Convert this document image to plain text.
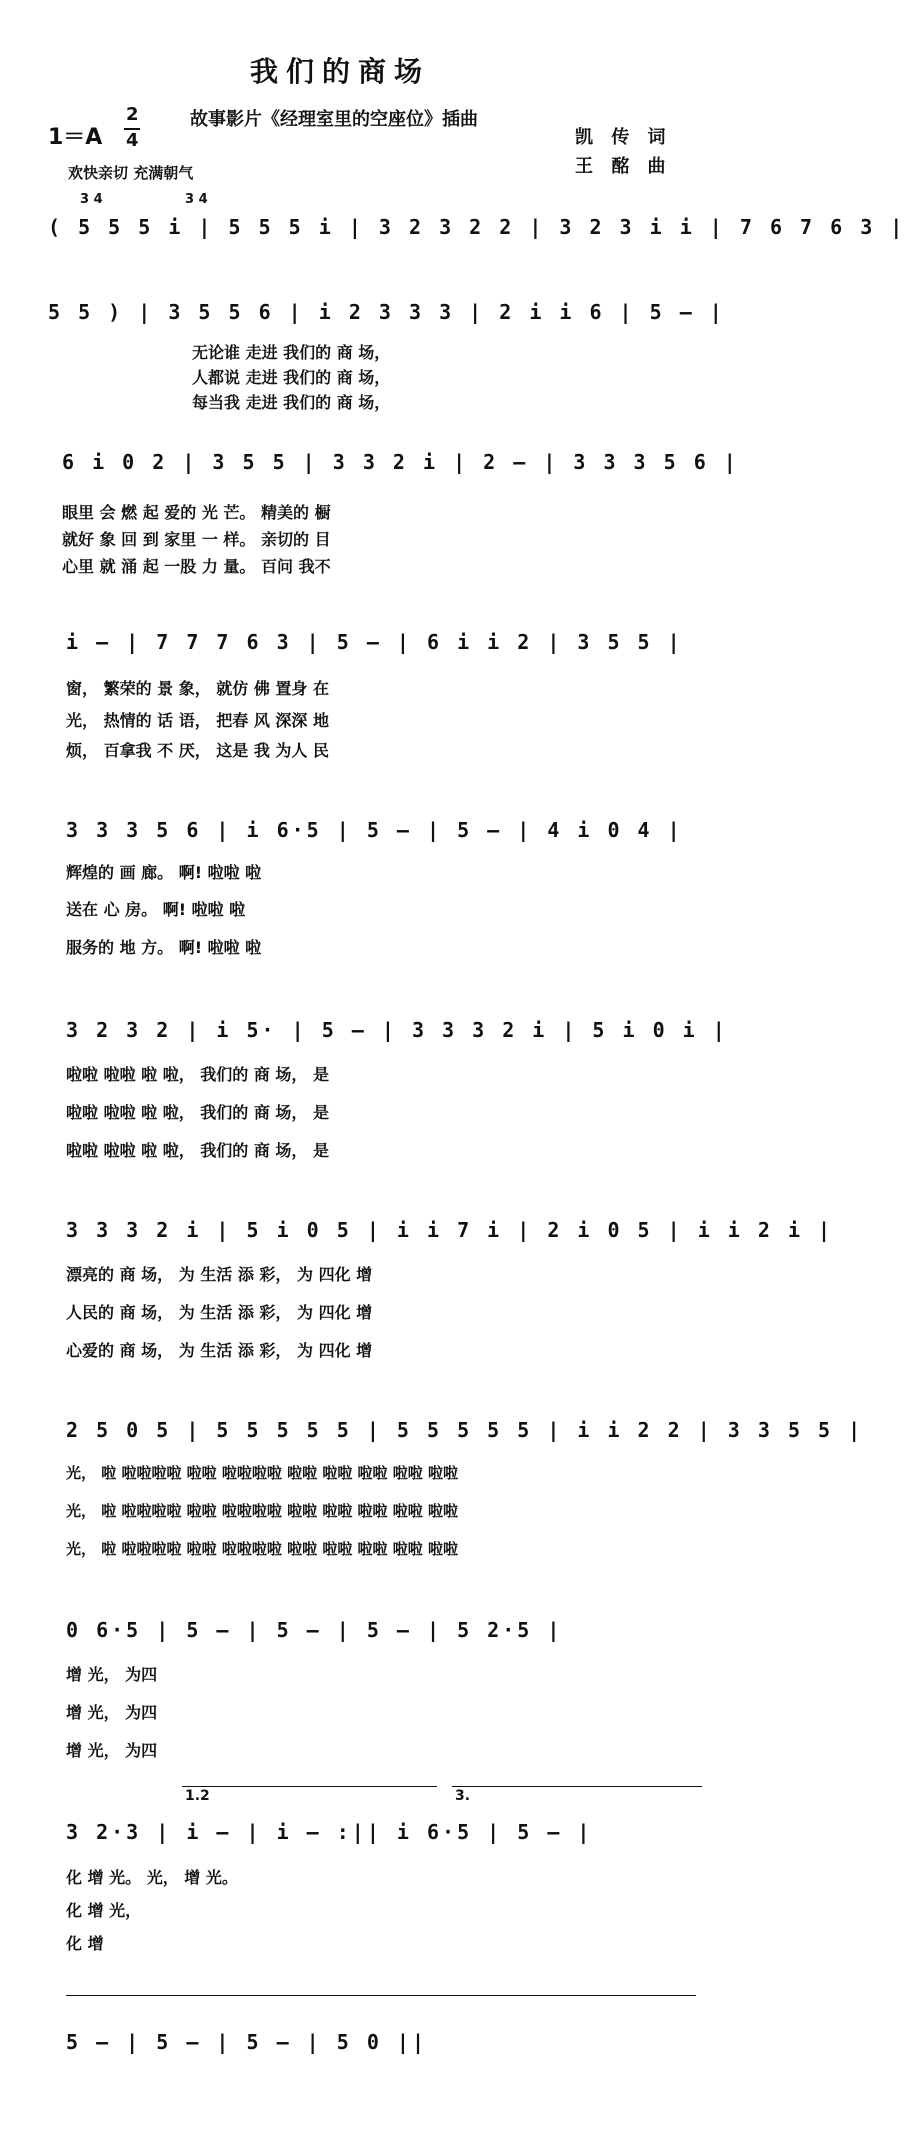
我们的商场
1＝A
2
4
故事影片《经理室里的空座位》插曲
凯 传 词
王 酩 曲
欢快亲切 充满朝气
( 5 5 5 i | 5 5 5 i | 3 2 3 2 2 | 3 2 3 i i | 7 6 7 6 3 |
3 4	3 4
5 5 ) | 3 5 5 6 | i 2 3 3 3 | 2 i i 6 | 5 — |
无论谁 走进 我们的 商 场，
人都说 走进 我们的 商 场，
每当我 走进 我们的 商 场，
6 i 0 2 | 3 5 5 | 3 3 2 i | 2 — | 3 3 3 5 6 |
眼里 会 燃 起 爱的 光 芒。 精美的 橱
就好 象 回 到 家里 一 样。 亲切的 目
心里 就 涌 起 一股 力 量。 百问 我不
i — | 7 7 7 6 3 | 5 — | 6 i i 2 | 3 5 5 |
窗， 繁荣的 景 象， 就仿 佛 置身 在
光， 热情的 话 语， 把春 风 深深 地
烦， 百拿我 不 厌， 这是 我 为人 民
3 3 3 5 6 | i 6·5 | 5 — | 5 — | 4 i 0 4 |
辉煌的 画 廊。 啊! 啦啦 啦
送在 心 房。 啊! 啦啦 啦
服务的 地 方。 啊! 啦啦 啦
3 2 3 2 | i 5· | 5 — | 3 3 3 2 i | 5 i 0 i |
啦啦 啦啦 啦 啦， 我们的 商 场， 是
啦啦 啦啦 啦 啦， 我们的 商 场， 是
啦啦 啦啦 啦 啦， 我们的 商 场， 是
3 3 3 2 i | 5 i 0 5 | i i 7 i | 2 i 0 5 | i i 2 i |
漂亮的 商 场， 为 生活 添 彩， 为 四化 增
人民的 商 场， 为 生活 添 彩， 为 四化 增
心爱的 商 场， 为 生活 添 彩， 为 四化 增
2 5 0 5 | 5 5 5 5 5 | 5 5 5 5 5 | i i 2 2 | 3 3 5 5 |
光， 啦 啦啦啦啦 啦啦 啦啦啦啦 啦啦 啦啦 啦啦 啦啦 啦啦
光， 啦 啦啦啦啦 啦啦 啦啦啦啦 啦啦 啦啦 啦啦 啦啦 啦啦
光， 啦 啦啦啦啦 啦啦 啦啦啦啦 啦啦 啦啦 啦啦 啦啦 啦啦
0 6·5 | 5 — | 5 — | 5 — | 5 2·5 |
增 光， 为四
增 光， 为四
增 光， 为四
1.2	3.
3 2·3 | i — | i — :|| i 6·5 | 5 — |
化 增 光。 光， 增 光。
化 增 光，
化 增
5 — | 5 — | 5 — | 5 0 ||
